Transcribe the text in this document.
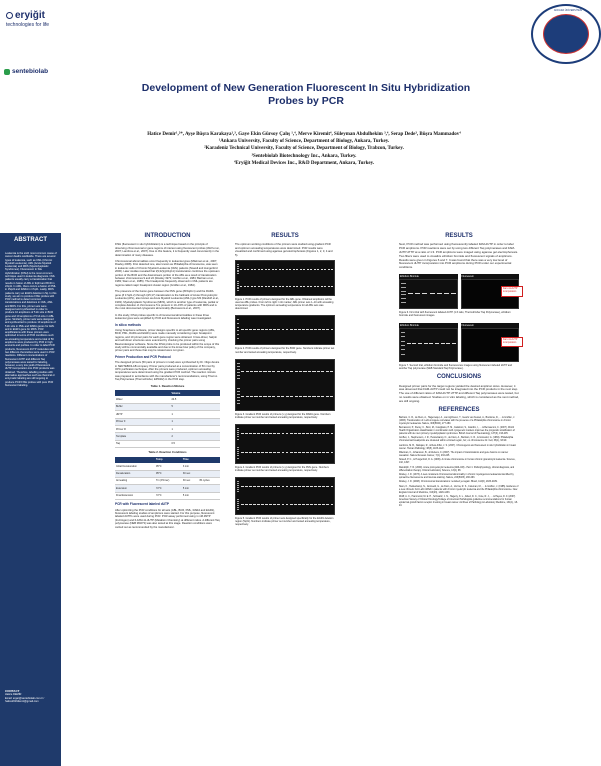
eryiğit
technologies for life
sentebiolab
ABSTRACT
Leukemia is the sixth most common cause of cancer deaths worldwide. There are several types of leukemia, such as CML (Chronic Myeloid Leukemia), AML (Acute Myeloid Leukemia) and MDS (Myelodysplastic Syndromes). Fluorescent In Situ Hybridization (FISH) is the most common technique used in leukemia diagnosis. CML patients usually carry a translocation that results in fusion of ABL in 9q34 and BCR in 22q11. In AML, there occurs a fusion of PML in 15q24 and RARA in 17q21. Lastly, MDS patients carry an EGR1 deletion in 5q. In this study, we aim to produce FISH probes with PCR method to detect common translocations and deletions in CML, AML and MDS. For this, primer sets were designed and synthesized in order to produce 10 amplicons of 5 kb size in BCR gene and 10 amplicons of 5 kb size in ABL gene. Similarly, primer sets were designed and synthesized to produce 10 amplicons of 5 kb size in PML and RARA genes for AML and in EGR1 gene for MDS. PCR amplifications with these primers were optimized in terms of PCR conditions such as annealing temperature and a total of 50 amplicons were produced by PCR in high amounts and purities. In order to label PCR products, fluorescent dUTP molecules with two different chemistries were used in PCR reactions. Different concentrations of fluorescent dUTP and different Taq polymerases were tested for labeling, however, a very low yield of fluorescent dUTP incorporation into PCR products was obtained. Therefore, labelling studies with alternative approaches such as chemical or enzymatic labeling are still ongoing to produce PCR FISH probes with pure PCR fluorescent labeling.
CONTACT
Hatice DEMİR
Email: ergar@sentebiolab.com.tr / hatice2016demir@gmail.com
ANKARA ÜNİVERSİTESİ
Development of New Generation Fluorescent In Situ Hybridization Probes by PCR
Hatice Demir¹,²*, Ayşe Büşra Karakaya¹,³, Gaye Ekin Gürsoy Çalış ¹,⁴, Merve Kiremit⁴, Süleyman Abdulhekim ³,⁴, Serap Dede³, Büşra Mammadov⁴
¹Ankara University, Faculty of Science, Department of Biology, Ankara, Turkey.
²Karadeniz Technical University, Faculty of Science, Department of Biology, Trabzon, Turkey.
³Sentebiolab Biotechnology Inc., Ankara, Turkey.
⁴Eryiğit Medical Devices Inc., R&D Department, Ankara, Turkey.
INTRODUCTION

FISH (fluorescent in situ hybridization) is a technique based on the principle of observing chromosomal or gene regions of interest using fluorescent probes (Wolf et al., 2007; Lambros et al., 2007). Due to this feature, it is frequently used conveniently in the determination of many diseases.

Chromosomal abnormalities occur frequently in leukemia types (Mitelman et al., 2007; Rowley 2008). First detected one, also known as Philadelphia chromosome, was seen in leukemic cells of Chronic Myeloid Leukemia (CML) patients (Nowell and Hungerford 2006). Later studies revealed that t(9;22)(q34;q11) translocation combines the upstream portion of the BCR and the downstream portion of the ABL as a result of translocation between chromosomes 9 and 22 (Rowley 1973; Groffen et al., 1984; Bartram et al., 1983; Stam et al., 1985). The breakpoints frequently observed in CML patients are regions called major breakpoint cluster region (Groffen et al., 1984).

The presence of the fusion gene between the PML gene (#15q24.1) and the RARA gene (# 17q21.2) through t(15;17) translocation is the hallmark of Acute Promyelocytic Leukemia (APL), also known as Acute Myeloid Leukemia (AML) type M3 (Randolf et al., 1993). Myelodysplastic Syndromes (MDS), which is another type of leukemia, partial or complete deletion of chromosome 5 is present in 10–15% of patients with MDS and is the most documented cytogenetic abnormality (Bernasconi et al., 2007).

In this study, FISH probes specific to chromosomal abnormalities in these three leukemia types were amplified by PCR and fluorescent labeling was investigated.

In silico methods

Using SnapGene software, primer designs specific to all specific gene regions (ABL, BCR, PML, RARA and EGR1) were made manually considering major breakpoint regions, and 10 primer pairs for each gene region were obtained. Cross-dimer, hairpin and self-dimer structures were examined by checking the primer pairs using Beacondesigner software. Since the FISH probe to be produced within the scope of this study will be commercially available and due to the know-how policy of the company, primer pairs and those that may be related were not given.

Primer Production and PCR Protocol

The designed primers (50 pairs of primers in total) were synthesized by Dr. Oligo device in SENTEBIOLAB company. Primer pairs produced at a concentration of 50 nmol by OPC purification technique. After the primers were produced, optimum annealing temperatures were determined using the gradient PCR method. The reaction mixture was prepared in accordance with the manufacturer's recommendations, using Thermo Taq Polymerase (ThermoFisher, EP0402) in the PCR step.

Table 1. Reaction Mixture
	Volume
Water	24.5
Buffer	5
dNTP	1
Primer F	1
Primer R	1
Template	2
Taq	0.5
Table 2. Reaction Conditions
	Temp	Time	
Initial Denaturation	95°C	3 min	
Denaturation	95°C	30 sec	
Annealing	Tm (Primer)	30 sec	35 cycles
Extension	72°C	5 min	
Final Extension	72°C	5 min	
PCR with Fluorescent labeled dUTP

After optimizing the PCR conditions for all sets (ABL, BCR, PML, RARA and EGR1), fluorescent labeling studies of amplicons were started. For this purpose, fluorescent labeled dUTPs were used during PCR. PCR assay performed using 1 mM dNTP (Invitrogen) and 6-FAM-11-dUTP (Metabion Chemistry) at different ratios. A different Taq polymerase (NEB M0273) was also tested at this stage. Reaction conditions were carried out as recommended by the manufacturer.

RESULTS

The optimum working conditions of the primers were studied using gradient PCR and optimum annealing temperatures were determined. PCR results were visualized and confirmed using agarose gel electrophoresis (Figures 1, 2, 3, 4 and 5).

Figure 1. PCR results of primers designed for the ABL gene. Obtained amplicons will be used as ABL probes. From left to right: 1 kb marker; ABL primer sets 1–10 with annealing temperature gradients. The optimum annealing temperature for all ABL sets was determined.
Figure 2. PCR results of primers designed for the BCR gene. Numbers indicate primer set number and tested annealing temperature, respectively.
Figure 3. Gradient PCR results of primers (x-y) designed for the RARA gene. Numbers indicate primer set number and tested annealing temperature, respectively.
Figure 4. Gradient PCR results of primers (x-y) designed for the PML gene. Numbers indicate primer set number and tested annealing temperature, respectively.
Figure 5. Gradient PCR results of primer sets designed specifically for the EGR1 deletion region (5q31). Numbers indicate primer set number and tested annealing temperature, respectively.
RESULTS

Next, PCR method was performed using fluorescently labeled FAM-dUTP in order to label PCR amplicons. PCR reactions were set by using two different Taq polymerases and FAM-dUTP:dTTP at a ratio of 1:3. PCR amplicons were imaged using agarose gel electrophoresis. Two filters were used to visualize ethidium bromide and fluorescent signals of amplicons. Results were given in Figures 6 and 7. It was found that there was a very low level of fluorescent dUTP incorporation into PCR amplicons during PCR under our experimental conditions.

Ethidium Bromide	Fluorescein
Fam-11-dUTP incorporation
Figure 6. First trial with fluorescent labeled dUTP (1:3 ratio, ThermoFisher Taq Polymerase), ethidium bromide and fluorescein images.
Ethidium Bromide	Fluorescein
Fam-11-dUTP incorporation
Figure 7. Second trial, ethidium bromide and fluorescence images using fluorescent labeled dUTP and another Taq polymerase (NEB Standard Taq Polymerase).
CONCLUSIONS

Designed primer pairs for the target regions yielded the desired amplicon sizes. However, it was observed that FAM-dUTP could not be integrated into the PCR products in the next step. The use of different ratios of FAM-dUTP:dTTP and different Taq polymerases were tested, but no results were obtained. Studies on in vitro labeling, which is considered as the next method, are still ongoing.

REFERENCES
Bartram, C. R., de Klein, A., Hagemeijer, A., van Agthoven, T., Geurts van Kessel, A., Bootsma, D., ... & Groffen, J. (1983). Translocation of c-abl oncogene correlates with the presence of a Philadelphia chromosome in chronic myelocytic leukaemia. Nature, 306(5940), 277-280.
Bernasconi, P., Klersy, C., Boni, M., Cavigliano, P. M., Calatroni, S., Giardini, I., ... & Bernasconi, C. (2007). World Health Organization classification in combination with cytogenetic markers improves the prognostic stratification of patients with de novo primary myelodysplastic syndromes. British Journal of Haematology, 137(3), 193-205.
Groffen, J., Stephenson, J. R., Heisterkamp, N., de Klein, A., Bartram, C. R., & Grosveld, G. (1984). Philadelphia chromosomal breakpoints are clustered within a limited region, bcr, on chromosome 22. Cell, 36(1), 93-99.
Lambros, M. B., Natrajan, R., & Reis-Filho, J. S. (2007). Chromogenic and fluorescent in situ hybridization in breast cancer. Human Pathology, 38(8), 1105-1122.
Mitelman, F., Johansson, B., & Mertens, F. (2007). The impact of translocations and gene fusions on cancer causation. Nature Reviews Cancer, 7(4), 233-245.
Nowell, P. C., & Hungerford, D. A. (2006). A minute chromosome in human chronic granulocytic leukemia. Science, 132, 1497.
Randolph, T. R. (2000). Acute promyelocytic leukemia (AML-M3) - Part 1: Pathophysiology, clinical diagnosis, and differentiation therapy. Clinical Laboratory Science, 13(2), 98.
Rowley, J. D. (1973). A new consistent chromosomal abnormality in chronic myelogenous leukaemia identified by quinacrine fluorescence and Giemsa staining. Nature, 243(5405), 290-293.
Rowley, J. D. (2008). Chromosomal translocations: revisited yet again. Blood, 112(6), 2183-2189.
Stam, K., Heisterkamp, N., Grosveld, G., de Klein, A., Verma, R. S., Coleman, M., ... & Groffen, J. (1985). Evidence of a new chimeric bcr/c-abl mRNA in patients with chronic myelocytic leukemia and the Philadelphia chromosome. New England Journal of Medicine, 313(23), 1429-1433.
Wolff, A. C., Hammond, M. E. H., Schwartz, J. N., Hagerty, K. L., Allred, D. C., Cote, R. J., ... & Hayes, D. F. (2007). American Society of Clinical Oncology/College of American Pathologists guideline recommendations for human epidermal growth factor receptor 2 testing in breast cancer. Archives of Pathology & Laboratory Medicine, 131(1), 18-43.
